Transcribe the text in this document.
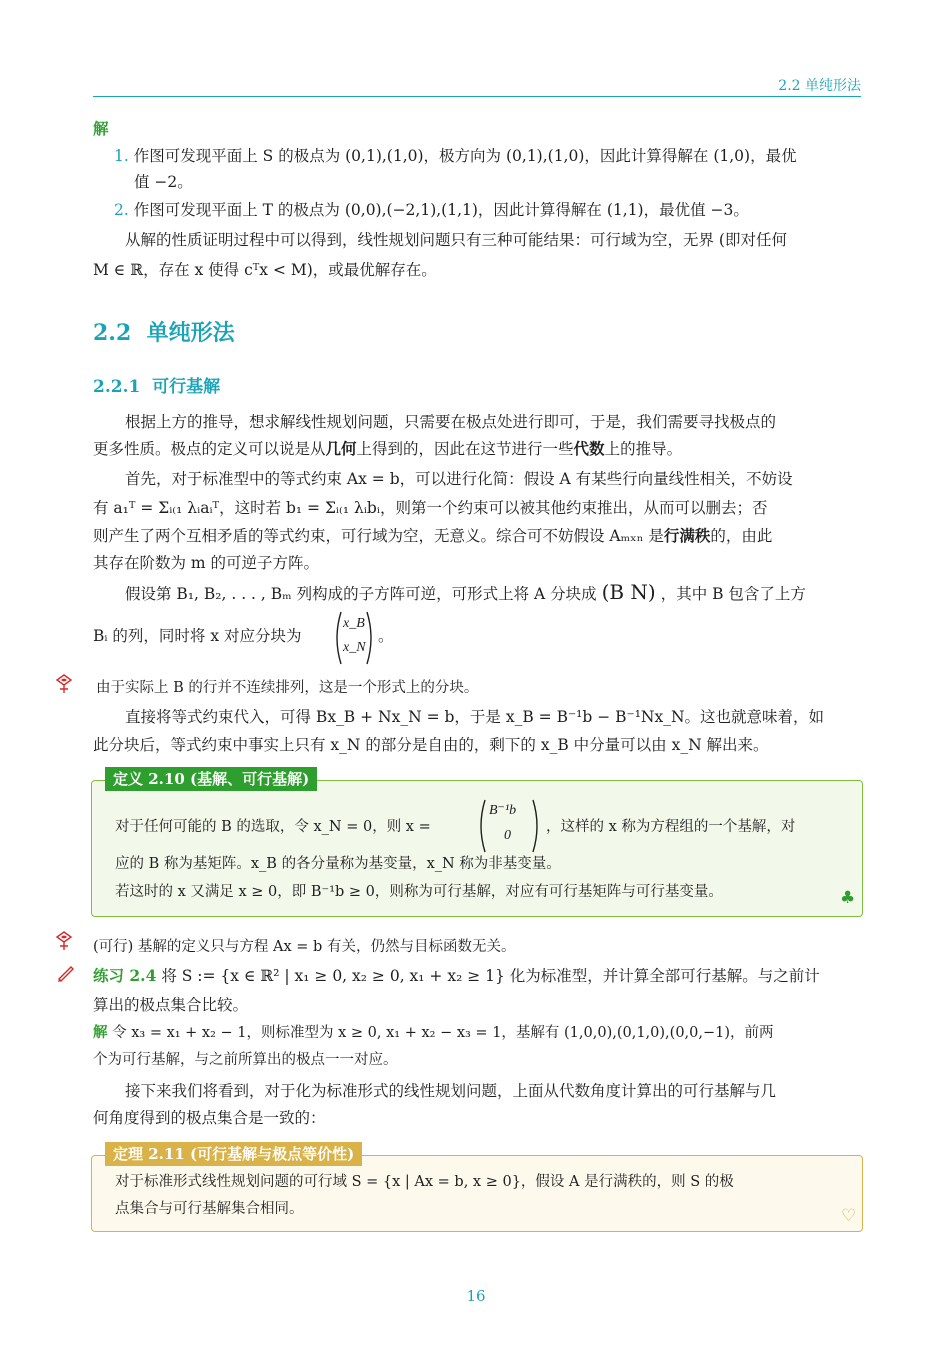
2.2 单纯形法
解
1. 作图可发现平面上 S 的极点为 (0,1),(1,0)，极方向为 (0,1),(1,0)，因此计算得解在 (1,0)，最优
值 −2。
2. 作图可发现平面上 T 的极点为 (0,0),(−2,1),(1,1)，因此计算得解在 (1,1)，最优值 −3。
从解的性质证明过程中可以得到，线性规划问题只有三种可能结果：可行域为空，无界 (即对任何
M ∈ ℝ，存在 x 使得 cᵀx < M)，或最优解存在。
2.2 单纯形法
2.2.1 可行基解
根据上方的推导，想求解线性规划问题，只需要在极点处进行即可，于是，我们需要寻找极点的
更多性质。极点的定义可以说是从几何上得到的，因此在这节进行一些代数上的推导。
首先，对于标准型中的等式约束 Ax = b，可以进行化简：假设 A 有某些行向量线性相关，不妨设
有 a₁ᵀ = Σᵢ₍₁ λᵢaᵢᵀ，这时若 b₁ = Σᵢ₍₁ λᵢbᵢ，则第一个约束可以被其他约束推出，从而可以删去；否
则产生了两个互相矛盾的等式约束，可行域为空，无意义。综合可不妨假设 Aₘₓₙ 是行满秩的，由此
其存在阶数为 m 的可逆子方阵。
假设第 B₁, B₂, . . . , Bₘ 列构成的子方阵可逆，可形式上将 A 分块成 (B N) ，其中 B 包含了上方
Bᵢ 的列，同时将 x 对应分块为
x_B
x_N
。
由于实际上 B 的行并不连续排列，这是一个形式上的分块。
直接将等式约束代入，可得 Bx_B + Nx_N = b，于是 x_B = B⁻¹b − B⁻¹Nx_N。这也就意味着，如
此分块后，等式约束中事实上只有 x_N 的部分是自由的，剩下的 x_B 中分量可以由 x_N 解出来。
定义 2.10 (基解、可行基解)
对于任何可能的 B 的选取，令 x_N = 0，则 x =
B⁻¹b
0
，这样的 x 称为方程组的一个基解，对
应的 B 称为基矩阵。x_B 的各分量称为基变量，x_N 称为非基变量。
若这时的 x 又满足 x ≥ 0，即 B⁻¹b ≥ 0，则称为可行基解，对应有可行基矩阵与可行基变量。	♣
(可行) 基解的定义只与方程 Ax = b 有关，仍然与目标函数无关。
练习 2.4 将 S := {x ∈ ℝ² | x₁ ≥ 0, x₂ ≥ 0, x₁ + x₂ ≥ 1} 化为标准型，并计算全部可行基解。与之前计
算出的极点集合比较。
解 令 x₃ = x₁ + x₂ − 1，则标准型为 x ≥ 0, x₁ + x₂ − x₃ = 1，基解有 (1,0,0),(0,1,0),(0,0,−1)，前两
个为可行基解，与之前所算出的极点一一对应。
接下来我们将看到，对于化为标准形式的线性规划问题，上面从代数角度计算出的可行基解与几
何角度得到的极点集合是一致的：
定理 2.11 (可行基解与极点等价性)
对于标准形式线性规划问题的可行域 S = {x | Ax = b, x ≥ 0}，假设 A 是行满秩的，则 S 的极
点集合与可行基解集合相同。	♡
16
